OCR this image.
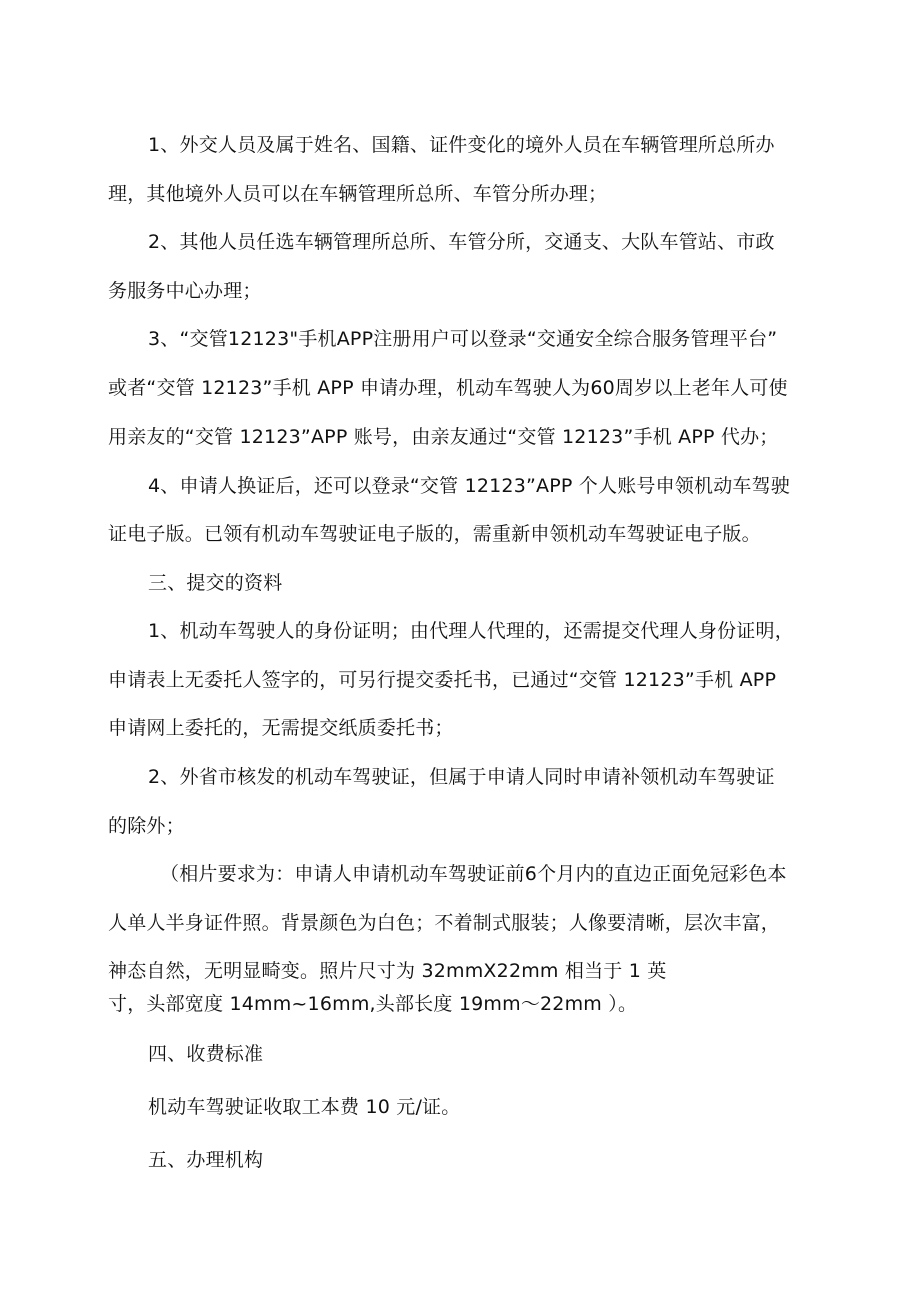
1、外交人员及属于姓名、国籍、证件变化的境外人员在车辆管理所总所办
理，其他境外人员可以在车辆管理所总所、车管分所办理；
2、其他人员任选车辆管理所总所、车管分所，交通支、大队车管站、市政
务服务中心办理；
3、“交管12123"手机APP注册用户可以登录“交通安全综合服务管理平台”
或者“交管 12123”手机 APP 申请办理，机动车驾驶人为60周岁以上老年人可使
用亲友的“交管 12123”APP 账号，由亲友通过“交管 12123”手机 APP 代办；
4、申请人换证后，还可以登录“交管 12123”APP 个人账号申领机动车驾驶
证电子版。已领有机动车驾驶证电子版的，需重新申领机动车驾驶证电子版。
三、提交的资料
1、机动车驾驶人的身份证明；由代理人代理的，还需提交代理人身份证明，
申请表上无委托人签字的，可另行提交委托书，已通过“交管 12123”手机 APP
申请网上委托的，无需提交纸质委托书；
2、外省市核发的机动车驾驶证，但属于申请人同时申请补领机动车驾驶证
的除外；
（相片要求为：申请人申请机动车驾驶证前6个月内的直边正面免冠彩色本
人单人半身证件照。背景颜色为白色；不着制式服装；人像要清晰，层次丰富，
神态自然，无明显畸变。照片尺寸为 32mmX22mm 相当于 1 英
寸，头部宽度 14mm~16mm,头部长度 19mm～22mm ）。
四、收费标准
机动车驾驶证收取工本费 10 元/证。
五、办理机构
